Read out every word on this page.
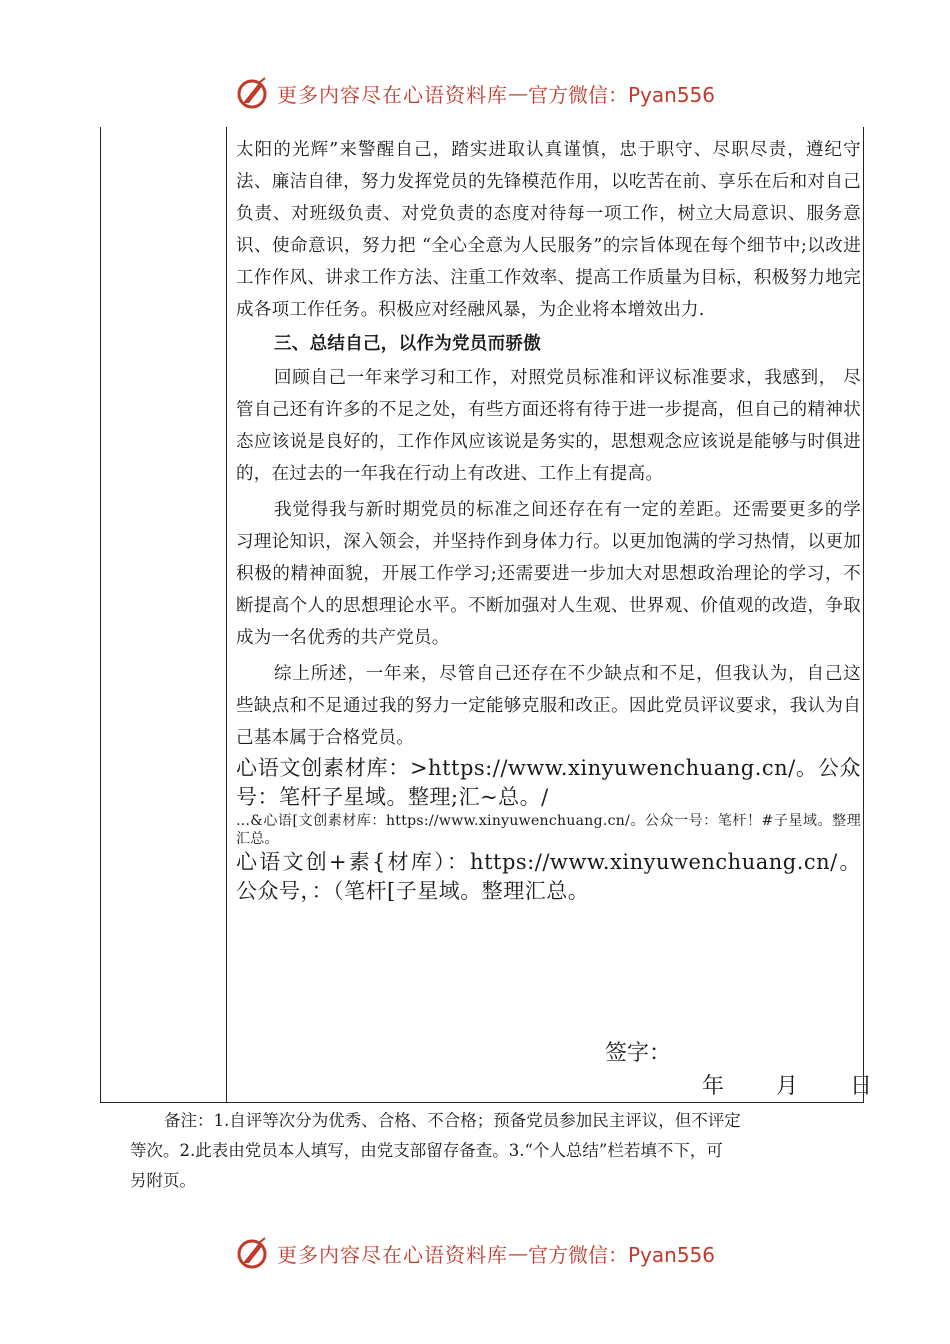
更多内容尽在心语资料库 — 官方微信：Pyan556

太阳的光辉”来警醒自己，踏实进取认真谨慎，忠于职守、尽职尽责，遵纪守法、廉洁自律，努力发挥党员的先锋模范作用，以吃苦在前、享乐在后和对自己负责、对班级负责、对党负责的态度对待每一项工作，树立大局意识、服务意识、使命意识，努力把 “全心全意为人民服务”的宗旨体现在每个细节中;以改进工作作风、讲求工作方法、注重工作效率、提高工作质量为目标，积极努力地完成各项工作任务。积极应对经融风暴，为企业将本增效出力.

三、总结自己，以作为党员而骄傲

回顾自己一年来学习和工作，对照党员标准和评议标准要求，我感到， 尽管自己还有许多的不足之处，有些方面还将有待于进一步提高，但自己的精神状态应该说是良好的，工作作风应该说是务实的，思想观念应该说是能够与时俱进的，在过去的一年我在行动上有改进、工作上有提高。

我觉得我与新时期党员的标准之间还存在有一定的差距。还需要更多的学习理论知识，深入领会，并坚持作到身体力行。以更加饱满的学习热情，以更加积极的精神面貌，开展工作学习;还需要进一步加大对思想政治理论的学习，不断提高个人的思想理论水平。不断加强对人生观、世界观、价值观的改造，争取成为一名优秀的共产党员。

综上所述，一年来，尽管自己还存在不少缺点和不足，但我认为，自己这些缺点和不足通过我的努力一定能够克服和改正。因此党员评议要求，我认为自己基本属于合格党员。

心语文创素材库：>https://www.xinyuwenchuang.cn/。公众号：笔杆子星域。整理;汇~总。/

…&心语[文创素材库：https://www.xinyuwenchuang.cn/。公众一号：笔杆！#子星域。整理汇总。

心语文创+素{材库）：https://www.xinyuwenchuang.cn/。公众号，：（笔杆[子星域。整理汇总。

签字：
年 月 日

备注：1.自评等次分为优秀、合格、不合格；预备党员参加民主评议，但不评定

等次。2.此表由党员本人填写，由党支部留存备查。3.“个人总结”栏若填不下，可

另附页。

更多内容尽在心语资料库 — 官方微信：Pyan556
